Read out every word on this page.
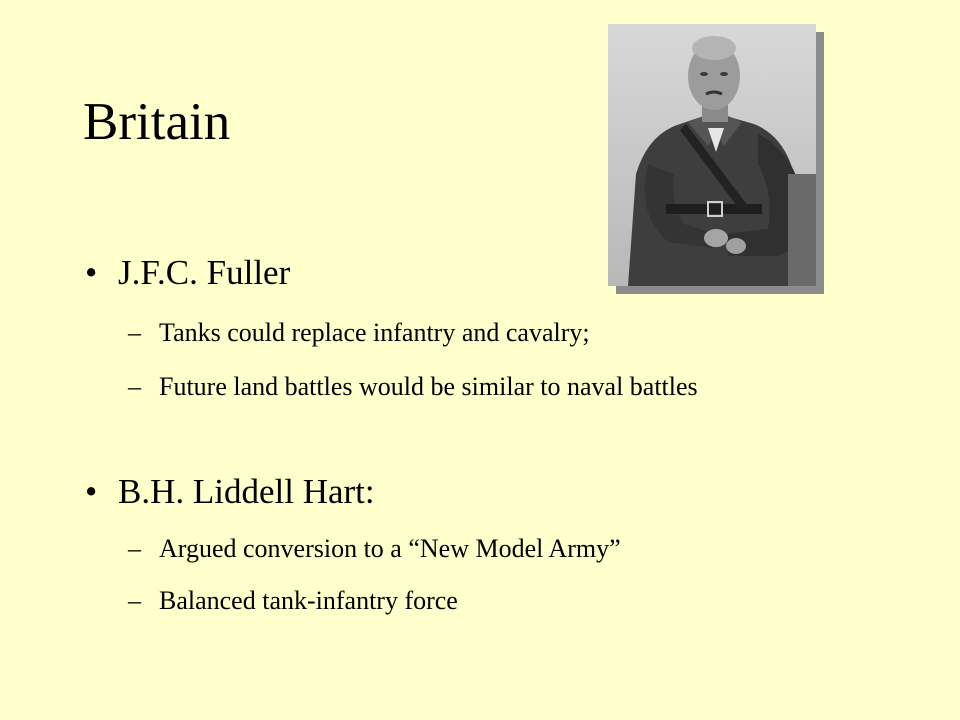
Britain
• J.F.C. Fuller
– Tanks could replace infantry and cavalry;
– Future land battles would be similar to naval battles
• B.H. Liddell Hart:
– Argued conversion to a “New Model Army”
– Balanced tank-infantry force
